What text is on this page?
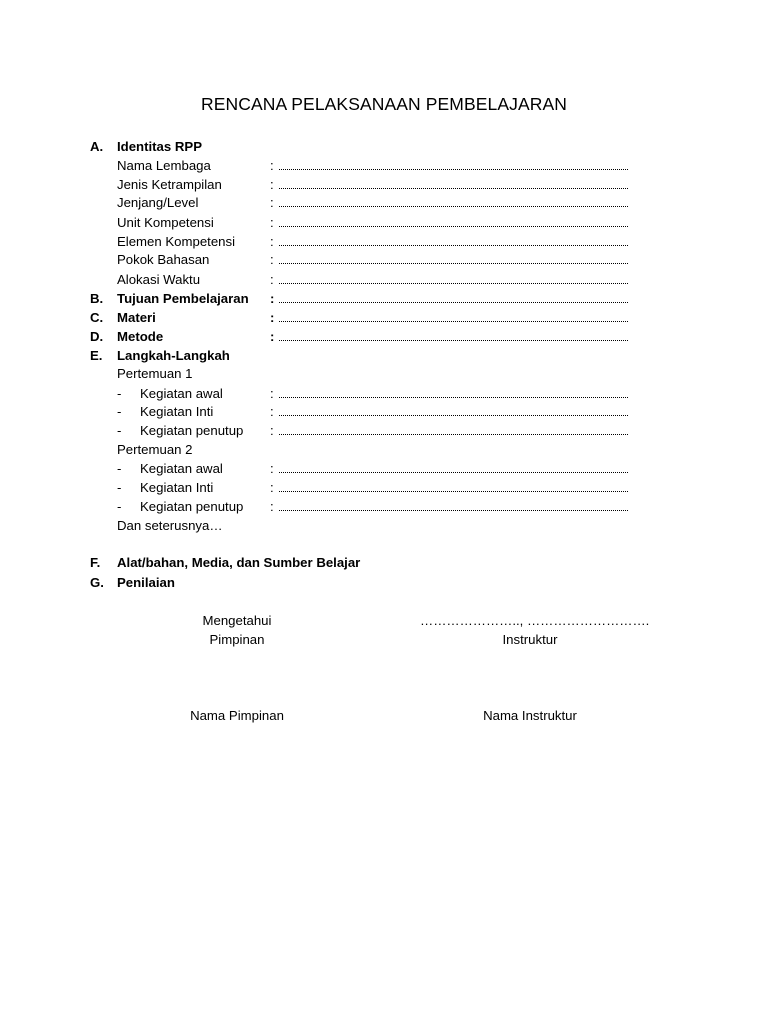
RENCANA PELAKSANAAN PEMBELAJARAN
A. Identitas RPP
Nama Lembaga	:
Jenis Ketrampilan	:
Jenjang/Level	:
Unit Kompetensi	:
Elemen Kompetensi	:
Pokok Bahasan	:
Alokasi Waktu	:
B. Tujuan Pembelajaran :
C. Materi	:
D. Metode	:
E. Langkah-Langkah
Pertemuan 1
- Kegiatan awal	:
- Kegiatan Inti	:
- Kegiatan penutup :
Pertemuan 2
- Kegiatan awal	:
- Kegiatan Inti	:
- Kegiatan penutup :
Dan seterusnya…
F. Alat/bahan, Media, dan Sumber Belajar
G. Penilaian
Mengetahui
Pimpinan
Nama Pimpinan
………………….., ……………………….
Instruktur
Nama Instruktur
